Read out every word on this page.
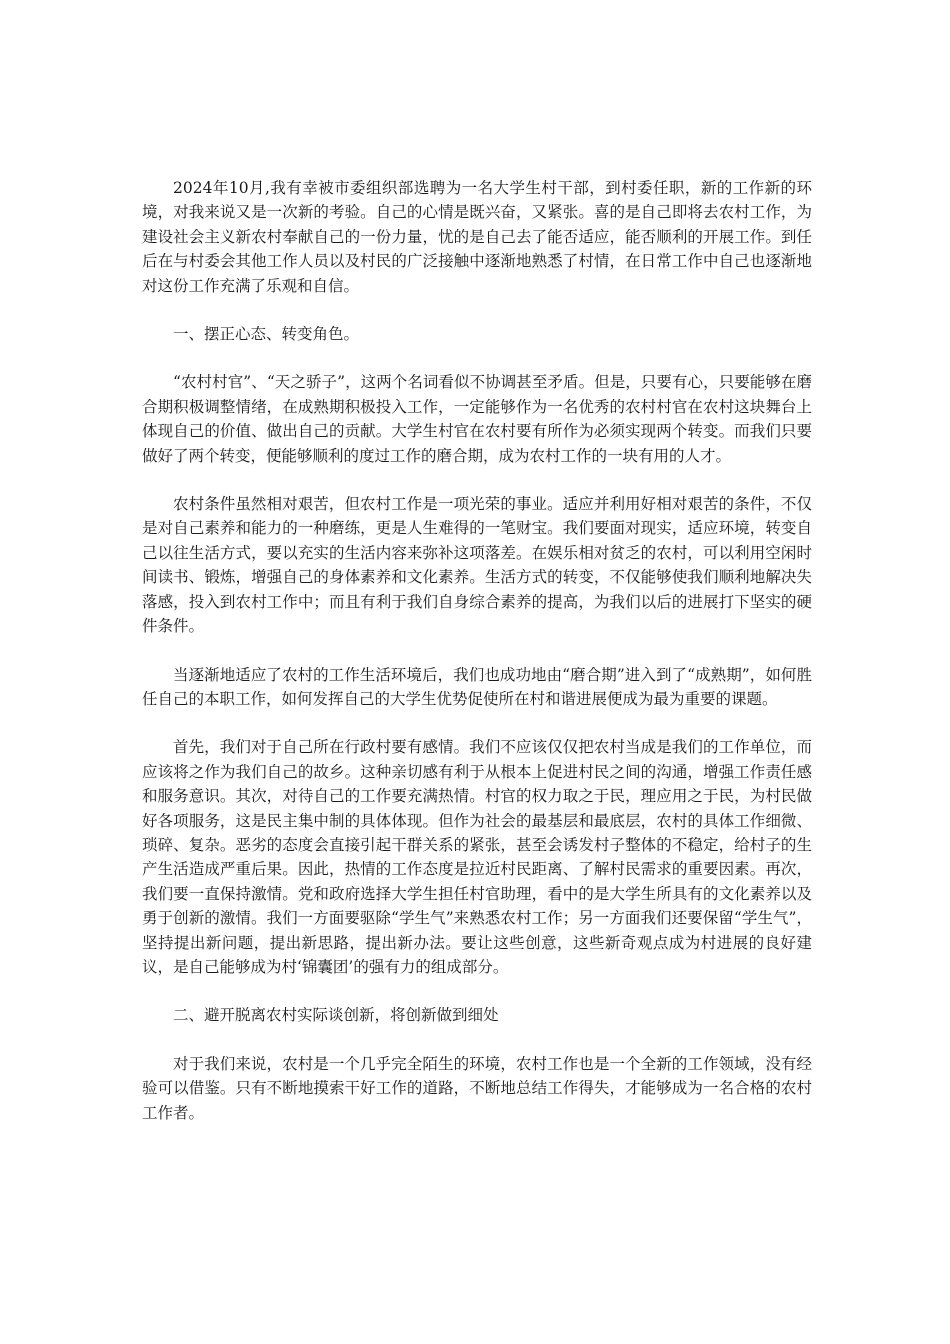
2024年10月,我有幸被市委组织部选聘为一名大学生村干部，到村委任职，新的工作新的环境，对我来说又是一次新的考验。自己的心情是既兴奋，又紧张。喜的是自己即将去农村工作，为建设社会主义新农村奉献自己的一份力量，忧的是自己去了能否适应，能否顺利的开展工作。到任后在与村委会其他工作人员以及村民的广泛接触中逐渐地熟悉了村情，在日常工作中自己也逐渐地对这份工作充满了乐观和自信。

一、摆正心态、转变角色。

“农村村官”、“天之骄子”，这两个名词看似不协调甚至矛盾。但是，只要有心，只要能够在磨合期积极调整情绪，在成熟期积极投入工作，一定能够作为一名优秀的农村村官在农村这块舞台上体现自己的价值、做出自己的贡献。大学生村官在农村要有所作为必须实现两个转变。而我们只要做好了两个转变，便能够顺利的度过工作的磨合期，成为农村工作的一块有用的人才。

农村条件虽然相对艰苦，但农村工作是一项光荣的事业。适应并利用好相对艰苦的条件，不仅是对自己素养和能力的一种磨练，更是人生难得的一笔财宝。我们要面对现实，适应环境，转变自己以往生活方式，要以充实的生活内容来弥补这项落差。在娱乐相对贫乏的农村，可以利用空闲时间读书、锻炼，增强自己的身体素养和文化素养。生活方式的转变，不仅能够使我们顺利地解决失落感，投入到农村工作中；而且有利于我们自身综合素养的提高，为我们以后的进展打下坚实的硬件条件。

当逐渐地适应了农村的工作生活环境后，我们也成功地由“磨合期”进入到了“成熟期”，如何胜任自己的本职工作，如何发挥自己的大学生优势促使所在村和谐进展便成为最为重要的课题。

首先，我们对于自己所在行政村要有感情。我们不应该仅仅把农村当成是我们的工作单位，而应该将之作为我们自己的故乡。这种亲切感有利于从根本上促进村民之间的沟通，增强工作责任感和服务意识。其次，对待自己的工作要充满热情。村官的权力取之于民，理应用之于民，为村民做好各项服务，这是民主集中制的具体体现。但作为社会的最基层和最底层，农村的具体工作细微、琐碎、复杂。恶劣的态度会直接引起干群关系的紧张，甚至会诱发村子整体的不稳定，给村子的生产生活造成严重后果。因此，热情的工作态度是拉近村民距离、了解村民需求的重要因素。再次，我们要一直保持激情。党和政府选择大学生担任村官助理，看中的是大学生所具有的文化素养以及勇于创新的激情。我们一方面要驱除“学生气”来熟悉农村工作；另一方面我们还要保留“学生气”，坚持提出新问题，提出新思路，提出新办法。要让这些创意，这些新奇观点成为村进展的良好建议，是自己能够成为村‘锦囊团’的强有力的组成部分。

二、避开脱离农村实际谈创新，将创新做到细处

对于我们来说，农村是一个几乎完全陌生的环境，农村工作也是一个全新的工作领域，没有经验可以借鉴。只有不断地摸索干好工作的道路，不断地总结工作得失，才能够成为一名合格的农村工作者。
